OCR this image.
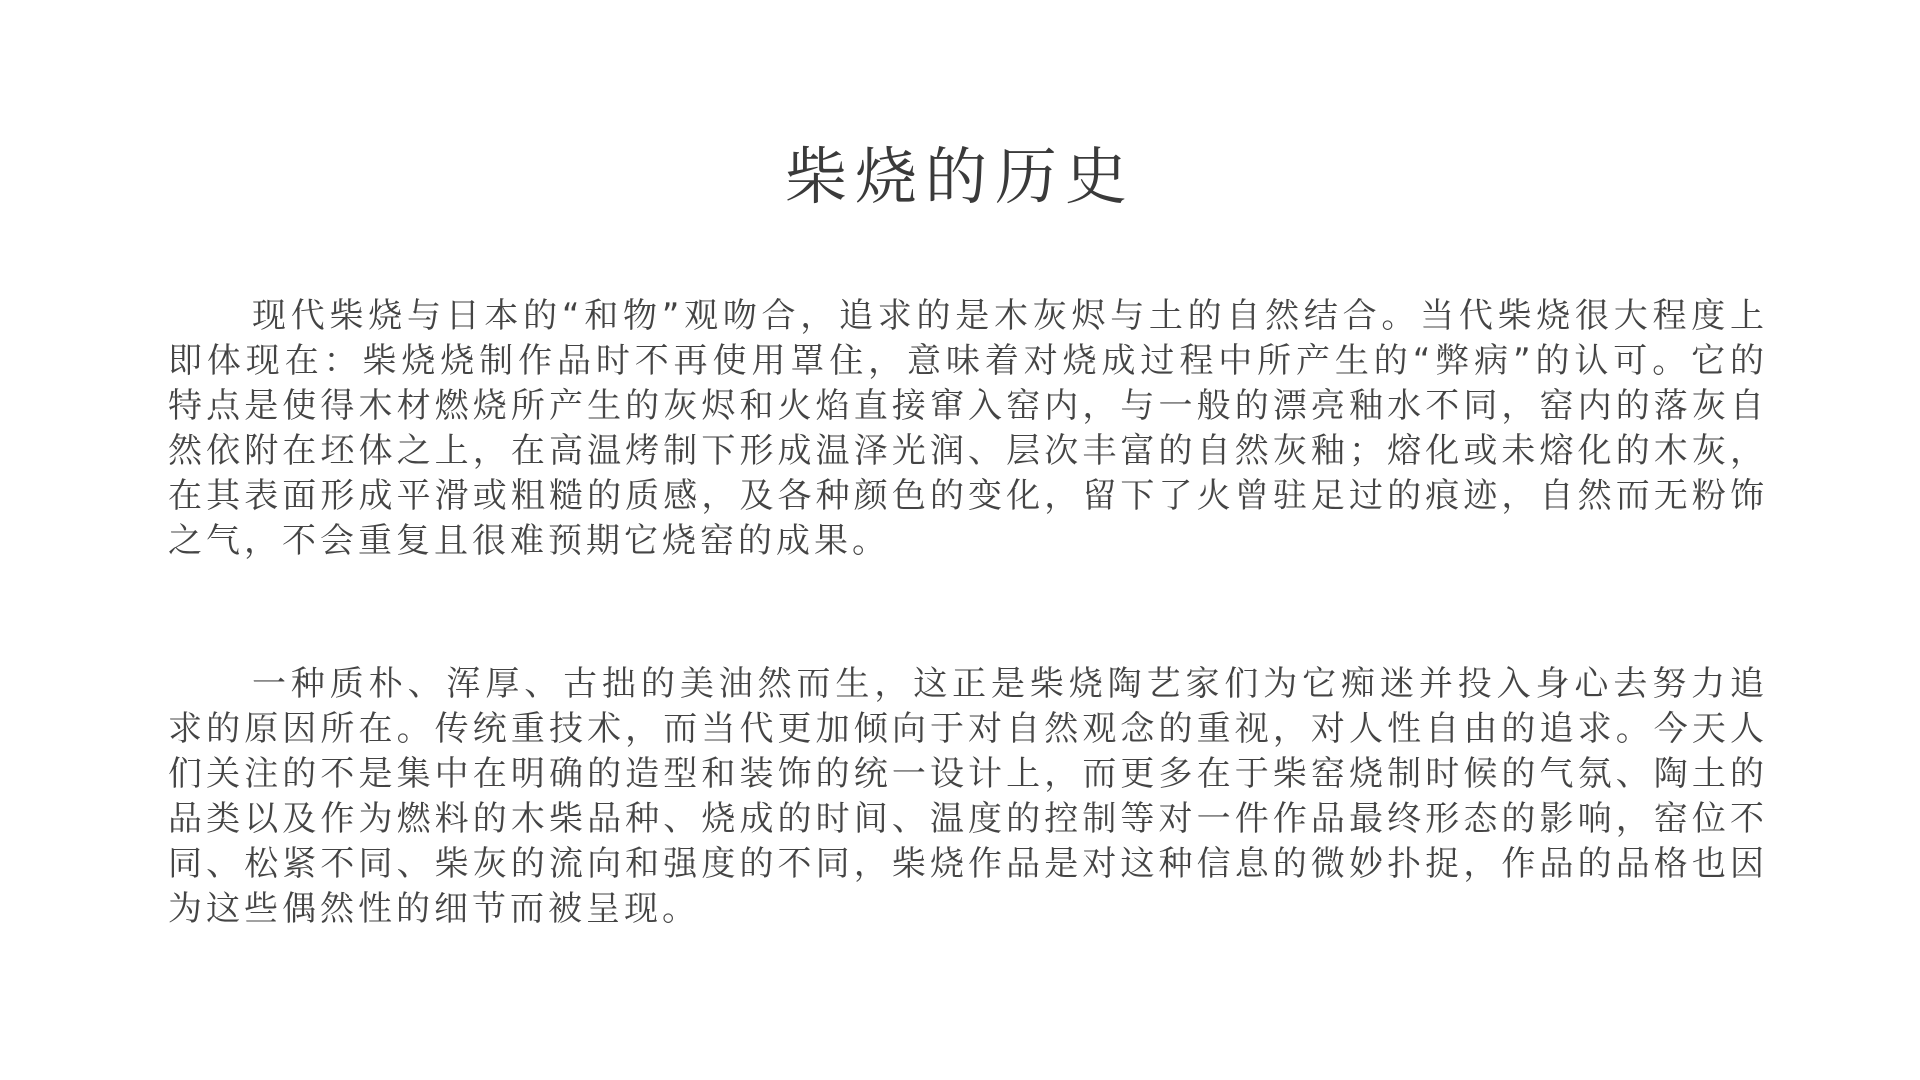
柴烧的历史

现代柴烧与日本的“和物”观吻合，追求的是木灰烬与土的自然结合。当代柴烧很大程度上即体现在：柴烧烧制作品时不再使用罩住，意味着对烧成过程中所产生的“弊病”的认可。它的特点是使得木材燃烧所产生的灰烬和火焰直接窜入窑内，与一般的漂亮釉水不同，窑内的落灰自然依附在坯体之上，在高温烤制下形成温泽光润、层次丰富的自然灰釉；熔化或未熔化的木灰，在其表面形成平滑或粗糙的质感，及各种颜色的变化，留下了火曾驻足过的痕迹，自然而无粉饰之气，不会重复且很难预期它烧窑的成果。

一种质朴、浑厚、古拙的美油然而生，这正是柴烧陶艺家们为它痴迷并投入身心去努力追求的原因所在。传统重技术，而当代更加倾向于对自然观念的重视，对人性自由的追求。今天人们关注的不是集中在明确的造型和装饰的统一设计上，而更多在于柴窑烧制时候的气氛、陶土的品类以及作为燃料的木柴品种、烧成的时间、温度的控制等对一件作品最终形态的影响，窑位不同、松紧不同、柴灰的流向和强度的不同，柴烧作品是对这种信息的微妙扑捉，作品的品格也因为这些偶然性的细节而被呈现。
